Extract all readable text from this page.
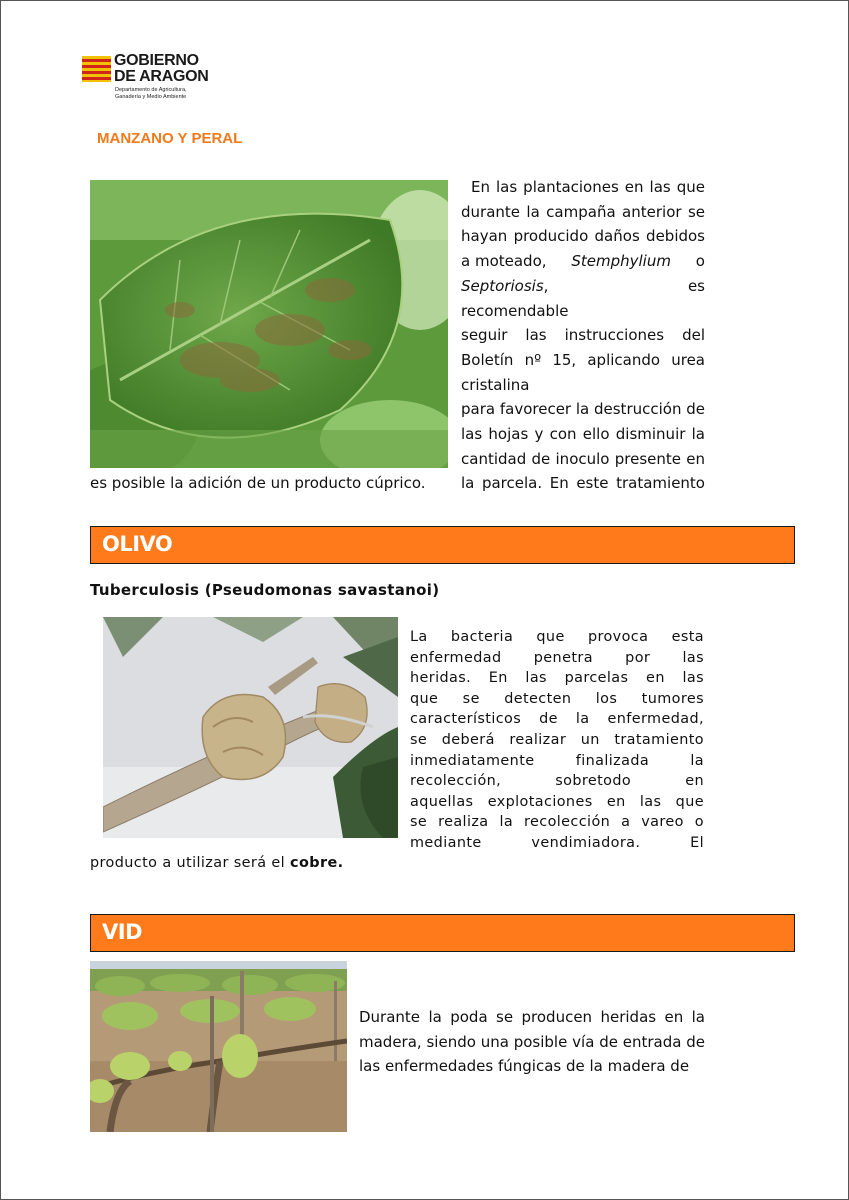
GOBIERNO
DE ARAGON
Departamento de Agricultura,
Ganadería y Medio Ambiente
MANZANO Y PERAL
En las plantaciones en las que
durante la campaña anterior se
hayan producido daños debidos
a moteado, Stemphylium o
Septoriosis, es recomendable
seguir las instrucciones del
Boletín nº 15, aplicando urea
cristalina
para favorecer la destrucción de
las hojas y con ello disminuir la
cantidad de inoculo presente en
la parcela. En este tratamiento
es posible la adición de un producto cúprico.
OLIVO
Tuberculosis (Pseudomonas savastanoi)
La bacteria que provoca esta
enfermedad penetra por las
heridas. En las parcelas en las
que se detecten los tumores
característicos de la enfermedad,
se deberá realizar un tratamiento
inmediatamente finalizada la
recolección, sobretodo en
aquellas explotaciones en las que
se realiza la recolección a vareo o
mediante vendimiadora. El
producto a utilizar será el cobre.
VID
Durante la poda se producen heridas en la
madera, siendo una posible vía de entrada de
las enfermedades fúngicas de la madera de
